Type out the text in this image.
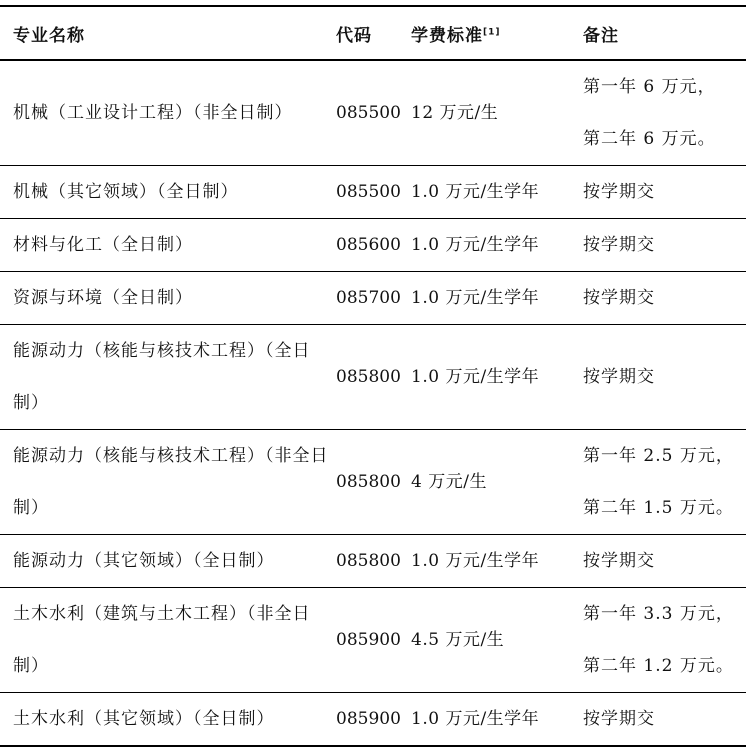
专业名称	代码	学费标准[1]	备注
机械（工业设计工程）（非全日制）	085500	12 万元/生	第一年 6 万元，
第二年 6 万元。

机械（其它领域）（全日制）	085500	1.0 万元/生学年	按学期交

材料与化工（全日制）	085600	1.0 万元/生学年	按学期交

资源与环境（全日制）	085700	1.0 万元/生学年	按学期交

能源动力（核能与核技术工程）（全日制）	085800	1.0 万元/生学年	按学期交

能源动力（核能与核技术工程）（非全日制）	085800	4 万元/生	第一年 2.5 万元，
第二年 1.5 万元。

能源动力（其它领域）（全日制）	085800	1.0 万元/生学年	按学期交

土木水利（建筑与土木工程）（非全日制）	085900	4.5 万元/生	第一年 3.3 万元，
第二年 1.2 万元。

土木水利（其它领域）（全日制）	085900	1.0 万元/生学年	按学期交
